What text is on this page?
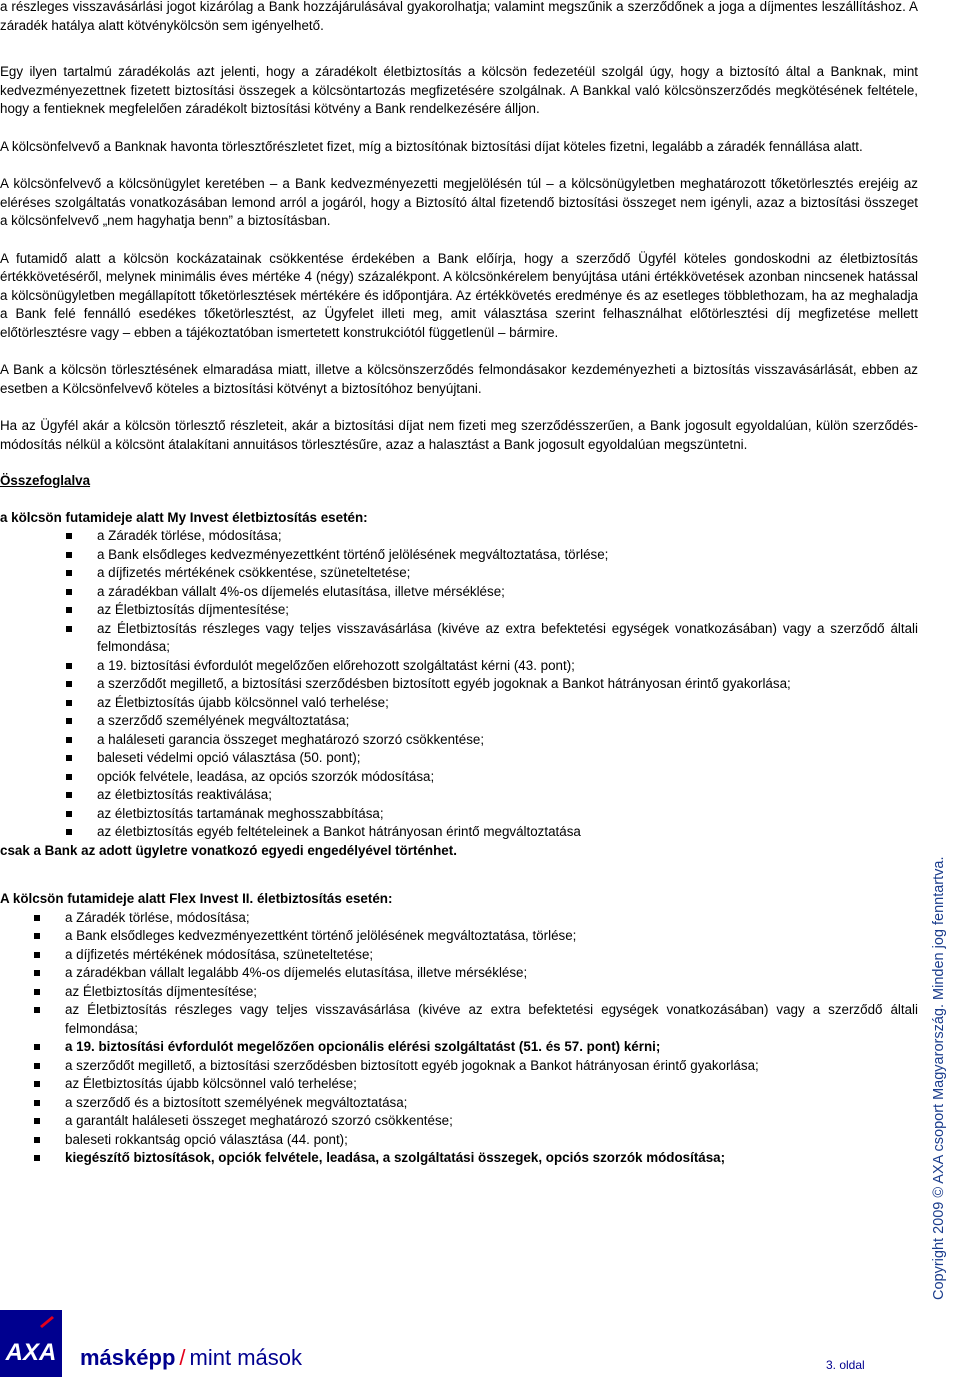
a részleges visszavásárlási jogot kizárólag a Bank hozzájárulásával gyakorolhatja; valamint megszűnik a szerződőnek a joga a díjmentes leszállításhoz. A záradék hatálya alatt kötvénykölcsön sem igényelhető.

Egy ilyen tartalmú záradékolás azt jelenti, hogy a záradékolt életbiztosítás a kölcsön fedezetéül szolgál úgy, hogy a biztosító által a Banknak, mint kedvezményezettnek fizetett biztosítási összegek a kölcsöntartozás megfizetésére szolgálnak. A Bankkal való kölcsönszerződés megkötésének feltétele, hogy a fentieknek megfelelően záradékolt biztosítási kötvény a Bank rendelkezésére álljon.

A kölcsönfelvevő a Banknak havonta törlesztőrészletet fizet, míg a biztosítónak biztosítási díjat köteles fizetni, legalább a záradék fennállása alatt.

A kölcsönfelvevő a kölcsönügylet keretében – a Bank kedvezményezetti megjelölésén túl – a kölcsönügyletben meghatározott tőketörlesztés erejéig az eléréses szolgáltatás vonatkozásában lemond arról a jogáról, hogy a Biztosító által fizetendő biztosítási összeget nem igényli, azaz a biztosítási összeget a kölcsönfelvevő „nem hagyhatja benn” a biztosításban.

A futamidő alatt a kölcsön kockázatainak csökkentése érdekében a Bank előírja, hogy a szerződő Ügyfél köteles gondoskodni az életbiztosítás értékkövetéséről, melynek minimális éves mértéke 4 (négy) százalékpont. A kölcsönkérelem benyújtása utáni értékkövetések azonban nincsenek hatással a kölcsönügyletben megállapított tőketörlesztések mértékére és időpontjára. Az értékkövetés eredménye és az esetleges többlethozam, ha az meghaladja a Bank felé fennálló esedékes tőketörlesztést, az Ügyfelet illeti meg, amit választása szerint felhasználhat előtörlesztési díj megfizetése mellett előtörlesztésre vagy – ebben a tájékoztatóban ismertetett konstrukciótól függetlenül – bármire.

A Bank a kölcsön törlesztésének elmaradása miatt, illetve a kölcsönszerződés felmondásakor kezdeményezheti a biztosítás visszavásárlását, ebben az esetben a Kölcsönfelvevő köteles a biztosítási kötvényt a biztosítóhoz benyújtani.

Ha az Ügyfél akár a kölcsön törlesztő részleteit, akár a biztosítási díjat nem fizeti meg szerződésszerűen, a Bank jogosult egyoldalúan, külön szerződés-módosítás nélkül a kölcsönt átalakítani annuitásos törlesztésűre, azaz a halasztást a Bank jogosult egyoldalúan megszüntetni.

Összefoglalva

a kölcsön futamideje alatt My Invest életbiztosítás esetén:

a Záradék törlése, módosítása;
a Bank elsődleges kedvezményezettként történő jelölésének megváltoztatása, törlése;
a díjfizetés mértékének csökkentése, szüneteltetése;
a záradékban vállalt 4%-os díjemelés elutasítása, illetve mérséklése;
az Életbiztosítás díjmentesítése;
az Életbiztosítás részleges vagy teljes visszavásárlása (kivéve az extra befektetési egységek vonatkozásában) vagy a szerződő általi felmondása;
a 19. biztosítási évfordulót megelőzően előrehozott szolgáltatást kérni (43. pont);
a szerződőt megillető, a biztosítási szerződésben biztosított egyéb jogoknak a Bankot hátrányosan érintő gyakorlása;
az Életbiztosítás újabb kölcsönnel való terhelése;
a szerződő személyének megváltoztatása;
a haláleseti garancia összeget meghatározó szorzó csökkentése;
baleseti védelmi opció választása (50. pont);
opciók felvétele, leadása, az opciós szorzók módosítása;
az életbiztosítás reaktiválása;
az életbiztosítás tartamának meghosszabbítása;
az életbiztosítás egyéb feltételeinek a Bankot hátrányosan érintő megváltoztatása

csak a Bank az adott ügyletre vonatkozó egyedi engedélyével történhet.

A kölcsön futamideje alatt Flex Invest II. életbiztosítás esetén:

a Záradék törlése, módosítása;
a Bank elsődleges kedvezményezettként történő jelölésének megváltoztatása, törlése;
a díjfizetés mértékének módosítása, szüneteltetése;
a záradékban vállalt legalább 4%-os díjemelés elutasítása, illetve mérséklése;
az Életbiztosítás díjmentesítése;
az Életbiztosítás részleges vagy teljes visszavásárlása (kivéve az extra befektetési egységek vonatkozásában) vagy a szerződő általi felmondása;
a 19. biztosítási évfordulót megelőzően opcionális elérési szolgáltatást (51. és 57. pont) kérni;
a szerződőt megillető, a biztosítási szerződésben biztosított egyéb jogoknak a Bankot hátrányosan érintő gyakorlása;
az Életbiztosítás újabb kölcsönnel való terhelése;
a szerződő és a biztosított személyének megváltoztatása;
a garantált haláleseti összeget meghatározó szorzó csökkentése;
baleseti rokkantság opció választása (44. pont);
kiegészítő biztosítások, opciók felvétele, leadása, a szolgáltatási összegek, opciós szorzók módosítása;	Copyright 2009 © AXA csoport Magyarország. Minden jog fenntartva.
AXA másképp / mint mások	3. oldal
